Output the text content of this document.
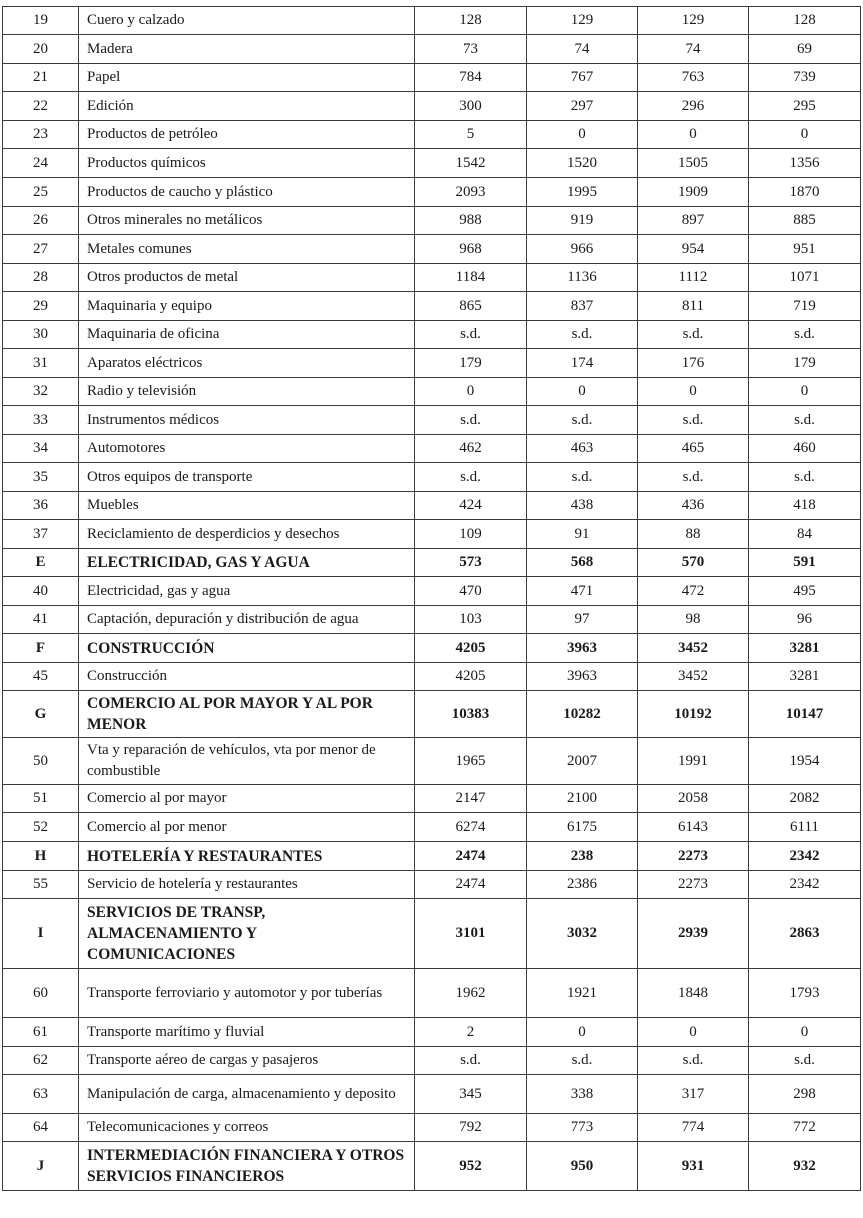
19	Cuero y calzado	128	129	129	128
20	Madera	73	74	74	69
21	Papel	784	767	763	739
22	Edición	300	297	296	295
23	Productos de petróleo	5	0	0	0
24	Productos químicos	1542	1520	1505	1356
25	Productos de caucho y plástico	2093	1995	1909	1870
26	Otros minerales no metálicos	988	919	897	885
27	Metales comunes	968	966	954	951
28	Otros productos de metal	1184	1136	1112	1071
29	Maquinaria y equipo	865	837	811	719
30	Maquinaria de oficina	s.d.	s.d.	s.d.	s.d.
31	Aparatos eléctricos	179	174	176	179
32	Radio y televisión	0	0	0	0
33	Instrumentos médicos	s.d.	s.d.	s.d.	s.d.
34	Automotores	462	463	465	460
35	Otros equipos de transporte	s.d.	s.d.	s.d.	s.d.
36	Muebles	424	438	436	418
37	Reciclamiento de desperdicios y desechos	109	91	88	84
E	ELECTRICIDAD, GAS Y AGUA	573	568	570	591
40	Electricidad, gas y agua	470	471	472	495
41	Captación, depuración y distribución de agua	103	97	98	96
F	CONSTRUCCIÓN	4205	3963	3452	3281
45	Construcción	4205	3963	3452	3281
G	COMERCIO AL POR MAYOR Y AL POR MENOR	10383	10282	10192	10147
50	Vta y reparación de vehículos, vta por menor de combustible	1965	2007	1991	1954
51	Comercio al por mayor	2147	2100	2058	2082
52	Comercio al por menor	6274	6175	6143	6111
H	HOTELERÍA Y RESTAURANTES	2474	238	2273	2342
55	Servicio de hotelería y restaurantes	2474	2386	2273	2342
I	SERVICIOS DE TRANSP, ALMACENAMIENTO Y COMUNICACIONES	3101	3032	2939	2863
60	Transporte ferroviario y automotor y por tuberías	1962	1921	1848	1793
61	Transporte marítimo y fluvial	2	0	0	0
62	Transporte aéreo de cargas y pasajeros	s.d.	s.d.	s.d.	s.d.
63	Manipulación de carga, almacenamiento y deposito	345	338	317	298
64	Telecomunicaciones y correos	792	773	774	772
J	INTERMEDIACIÓN FINANCIERA Y OTROS SERVICIOS FINANCIEROS	952	950	931	932
